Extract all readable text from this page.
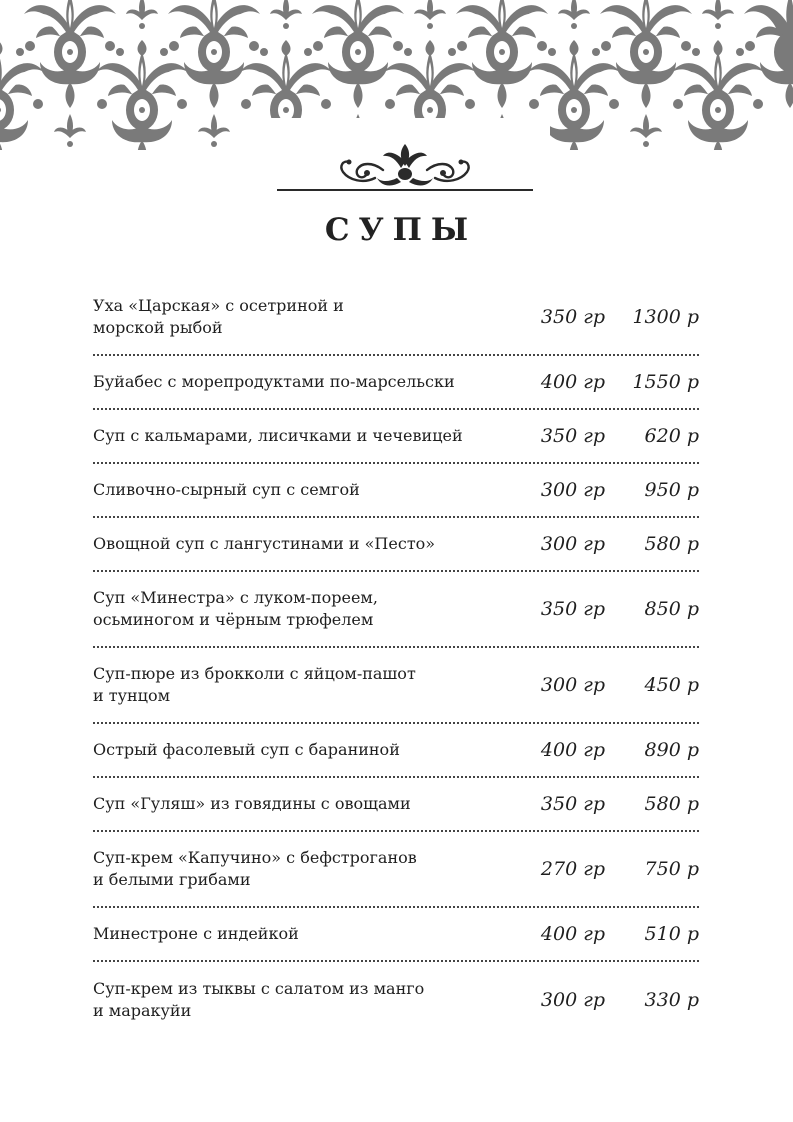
СУПЫ
Уха «Царская» с осетриной и
морской рыбой	350 гр 1300 р
Буйабес с морепродуктами по-марсельски	400 гр 1550 р
Суп с кальмарами, лисичками и чечевицей	350 гр 620 р
Сливочно-сырный суп с семгой	300 гр 950 р
Овощной суп с лангустинами и «Песто»	300 гр 580 р
Суп «Минестра» с луком-пореем,
осьминогом и чёрным трюфелем	350 гр 850 р
Суп-пюре из брокколи с яйцом-пашот
и тунцом	300 гр 450 р
Острый фасолевый суп с бараниной	400 гр 890 р
Суп «Гуляш» из говядины с овощами	350 гр 580 р
Суп-крем «Капучино» с бефстроганов
и белыми грибами	270 гр 750 р
Минестроне с индейкой	400 гр 510 р
Суп-крем из тыквы с салатом из манго
и маракуйи	300 гр 330 р
